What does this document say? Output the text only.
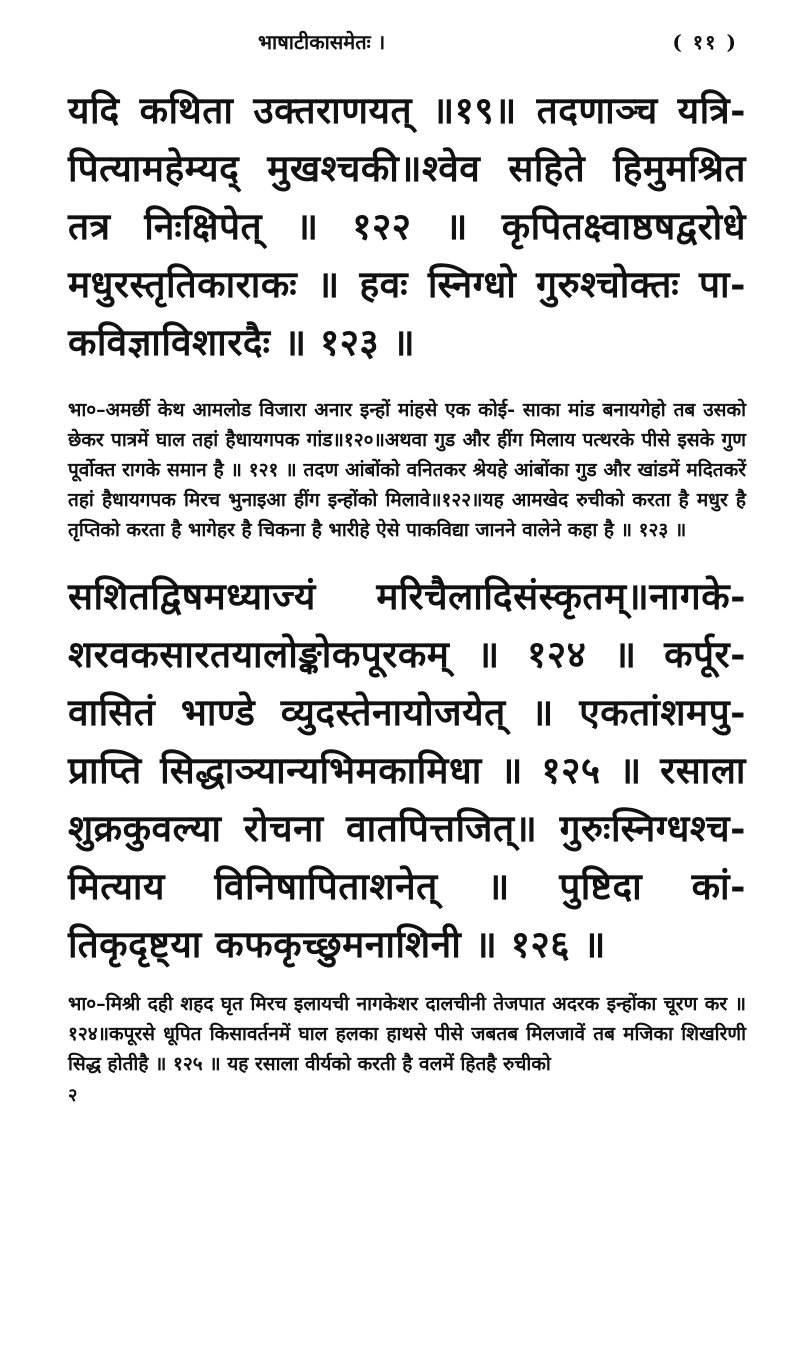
भाषाटीकासमेतः ।	( ११ )

यदि कथिता उक्तराणयत् ॥१९॥ तदणाञ्च यत्रि- पित्यामहेम्यद् मुखश्चकी॥श्वेव सहिते हिमुमश्रित तत्र निःक्षिपेत् ॥ १२२ ॥ कृपितक्ष्वाष्ठषद्वरोधे मधुरस्तृतिकाराकः ॥ हवः स्निग्धो गुरुश्चोक्तः पा- कविज्ञाविशारदैः ॥ १२३ ॥

भा०–अमर्छी केथ आमलोड विजारा अनार इन्हों मांहसे एक कोई- साका मांड बनायगेहो तब उसको छेकर पात्रमें घाल तहां हैधायगपक गांड॥१२०॥अथवा गुड और हींग मिलाय पत्थरके पीसे इसके गुण पूर्वोक्त रागके समान है ॥ १२१ ॥ तदण आंबोंको वनितकर श्रेयहे आंबोंका गुड और खांडमें मदितकरें तहां हैधायगपक मिरच भुनाइआ हींग इन्होंको मिलावे॥१२२॥यह आमखेद रुचीको करता है मधुर है तृप्तिको करता है भागेहर है चिकना है भारीहे ऐसे पाकविद्या जानने वालेने कहा है ॥ १२३ ॥

सशितद्विषमध्याज्यं मरिचैलादिसंस्कृतम्॥नागके- शरवकसारतयालोङ्कोकपूरकम् ॥ १२४ ॥ कर्पूर- वासितं भाण्डे व्युदस्तेनायोजयेत् ॥ एकतांशमपु- प्राप्ति सिद्धाञ्यान्यभिमकामिधा ॥ १२५ ॥ रसाला शुक्रकुवल्या रोचना वातपित्तजित्॥ गुरुःस्निग्धश्च- मित्याय विनिषापिताशनेत् ॥ पुष्टिदा कां- तिकृदृष्ट्या कफकृच्छुमनाशिनी ॥ १२६ ॥

भा०–मिश्री दही शहद घृत मिरच इलायची नागकेशर दालचीनी तेजपात अदरक इन्होंका चूरण कर ॥१२४॥कपूरसे धूपित किसावर्तनमें घाल हलका हाथसे पीसे जबतब मिलजावें तब मजिका शिखरिणी सिद्ध होतीहै ॥ १२५ ॥ यह रसाला वीर्यको करती है वलमें हितहै रुचीको

२
